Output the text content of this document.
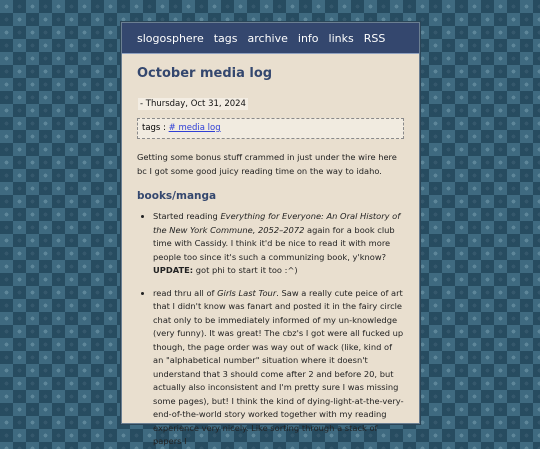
slogosphere tags archive info links RSS
October media log
- Thursday, Oct 31, 2024
tags : # media log

Getting some bonus stuff crammed in just under the wire here bc I got some good juicy reading time on the way to idaho.

books/manga
• Started reading Everything for Everyone: An Oral History of the New York Commune, 2052–2072 again for a book club time with Cassidy. I think it'd be nice to read it with more people too since it's such a communizing book, y'know? UPDATE: got phi to start it too :^)
• read thru all of Girls Last Tour. Saw a really cute peice of art that I didn't know was fanart and posted it in the fairy circle chat only to be immediately informed of my un-knowledge (very funny). It was great! The cbz's I got were all fucked up though, the page order was way out of wack (like, kind of an "alphabetical number" situation where it doesn't understand that 3 should come after 2 and before 20, but actually also inconsistent and I'm pretty sure I was missing some pages), but! I think the kind of dying-light-at-the-very-end-of-the-world story worked together with my reading experience very nicely. Like sorting through a stack of papers I
